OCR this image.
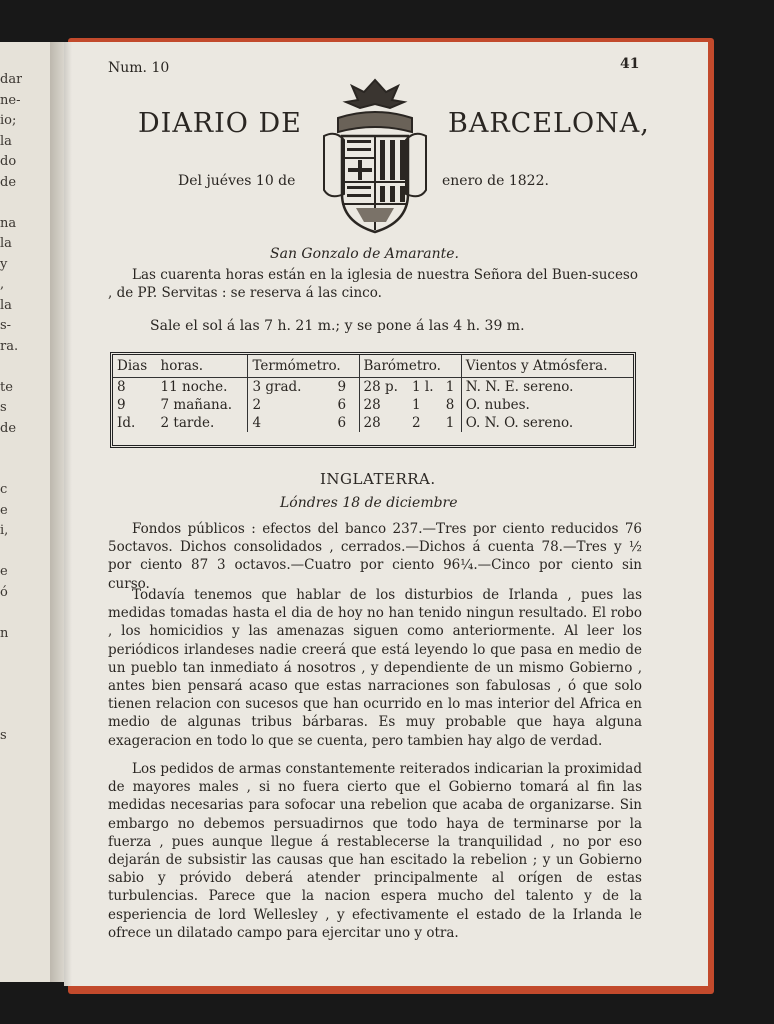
dar
ne-
io;
la
do
de
na
la
y
,
la
s-
ra.
te
s
de
c
e
i,
e
ó
n
s
Num. 10	41
DIARIO DE	BARCELONA,
Del juéves 10 de	enero de 1822.
San Gonzalo de Amarante.
Las cuarenta horas están en la iglesia de nuestra Señora del Buen-suceso , de PP. Servitas : se reserva á las cinco.
Sale el sol á las 7 h. 21 m.; y se pone á las 4 h. 39 m.
Dias	horas.	Termómetro.		Barómetro.			Vientos y Atmósfera.
8	11 noche.	3 grad.	9	28 p.	1 l.	1	N. N. E. sereno.
9	7 mañana.	2	6	28	1	8	O. nubes.
Id.	2 tarde.	4	6	28	2	1	O. N. O. sereno.
INGLATERRA.
Lóndres 18 de diciembre
Fondos públicos : efectos del banco 237.—Tres por ciento reducidos 76 5octavos. Dichos consolidados , cerrados.—Dichos á cuenta 78.—Tres y ½ por ciento 87 3 octavos.—Cuatro por ciento 96¼.—Cinco por ciento sin curso.
Todavía tenemos que hablar de los disturbios de Irlanda , pues las medidas tomadas hasta el dia de hoy no han tenido ningun resultado. El robo , los homicidios y las amenazas siguen como anteriormente. Al leer los periódicos irlandeses nadie creerá que está leyendo lo que pasa en medio de un pueblo tan inmediato á nosotros , y dependiente de un mismo Gobierno , antes bien pensará acaso que estas narraciones son fabulosas , ó que solo tienen relacion con sucesos que han ocurrido en lo mas interior del Africa en medio de algunas tribus bárbaras. Es muy probable que haya alguna exageracion en todo lo que se cuenta, pero tambien hay algo de verdad.
Los pedidos de armas constantemente reiterados indicarian la proximidad de mayores males , si no fuera cierto que el Gobierno tomará al fin las medidas necesarias para sofocar una rebelion que acaba de organizarse. Sin embargo no debemos persuadirnos que todo haya de terminarse por la fuerza , pues aunque llegue á restablecerse la tranquilidad , no por eso dejarán de subsistir las causas que han escitado la rebelion ; y un Gobierno sabio y próvido deberá atender principalmente al orígen de estas turbulencias. Parece que la nacion espera mucho del talento y de la esperiencia de lord Wellesley , y efectivamente el estado de la Irlanda le ofrece un dilatado campo para ejercitar uno y otra.
